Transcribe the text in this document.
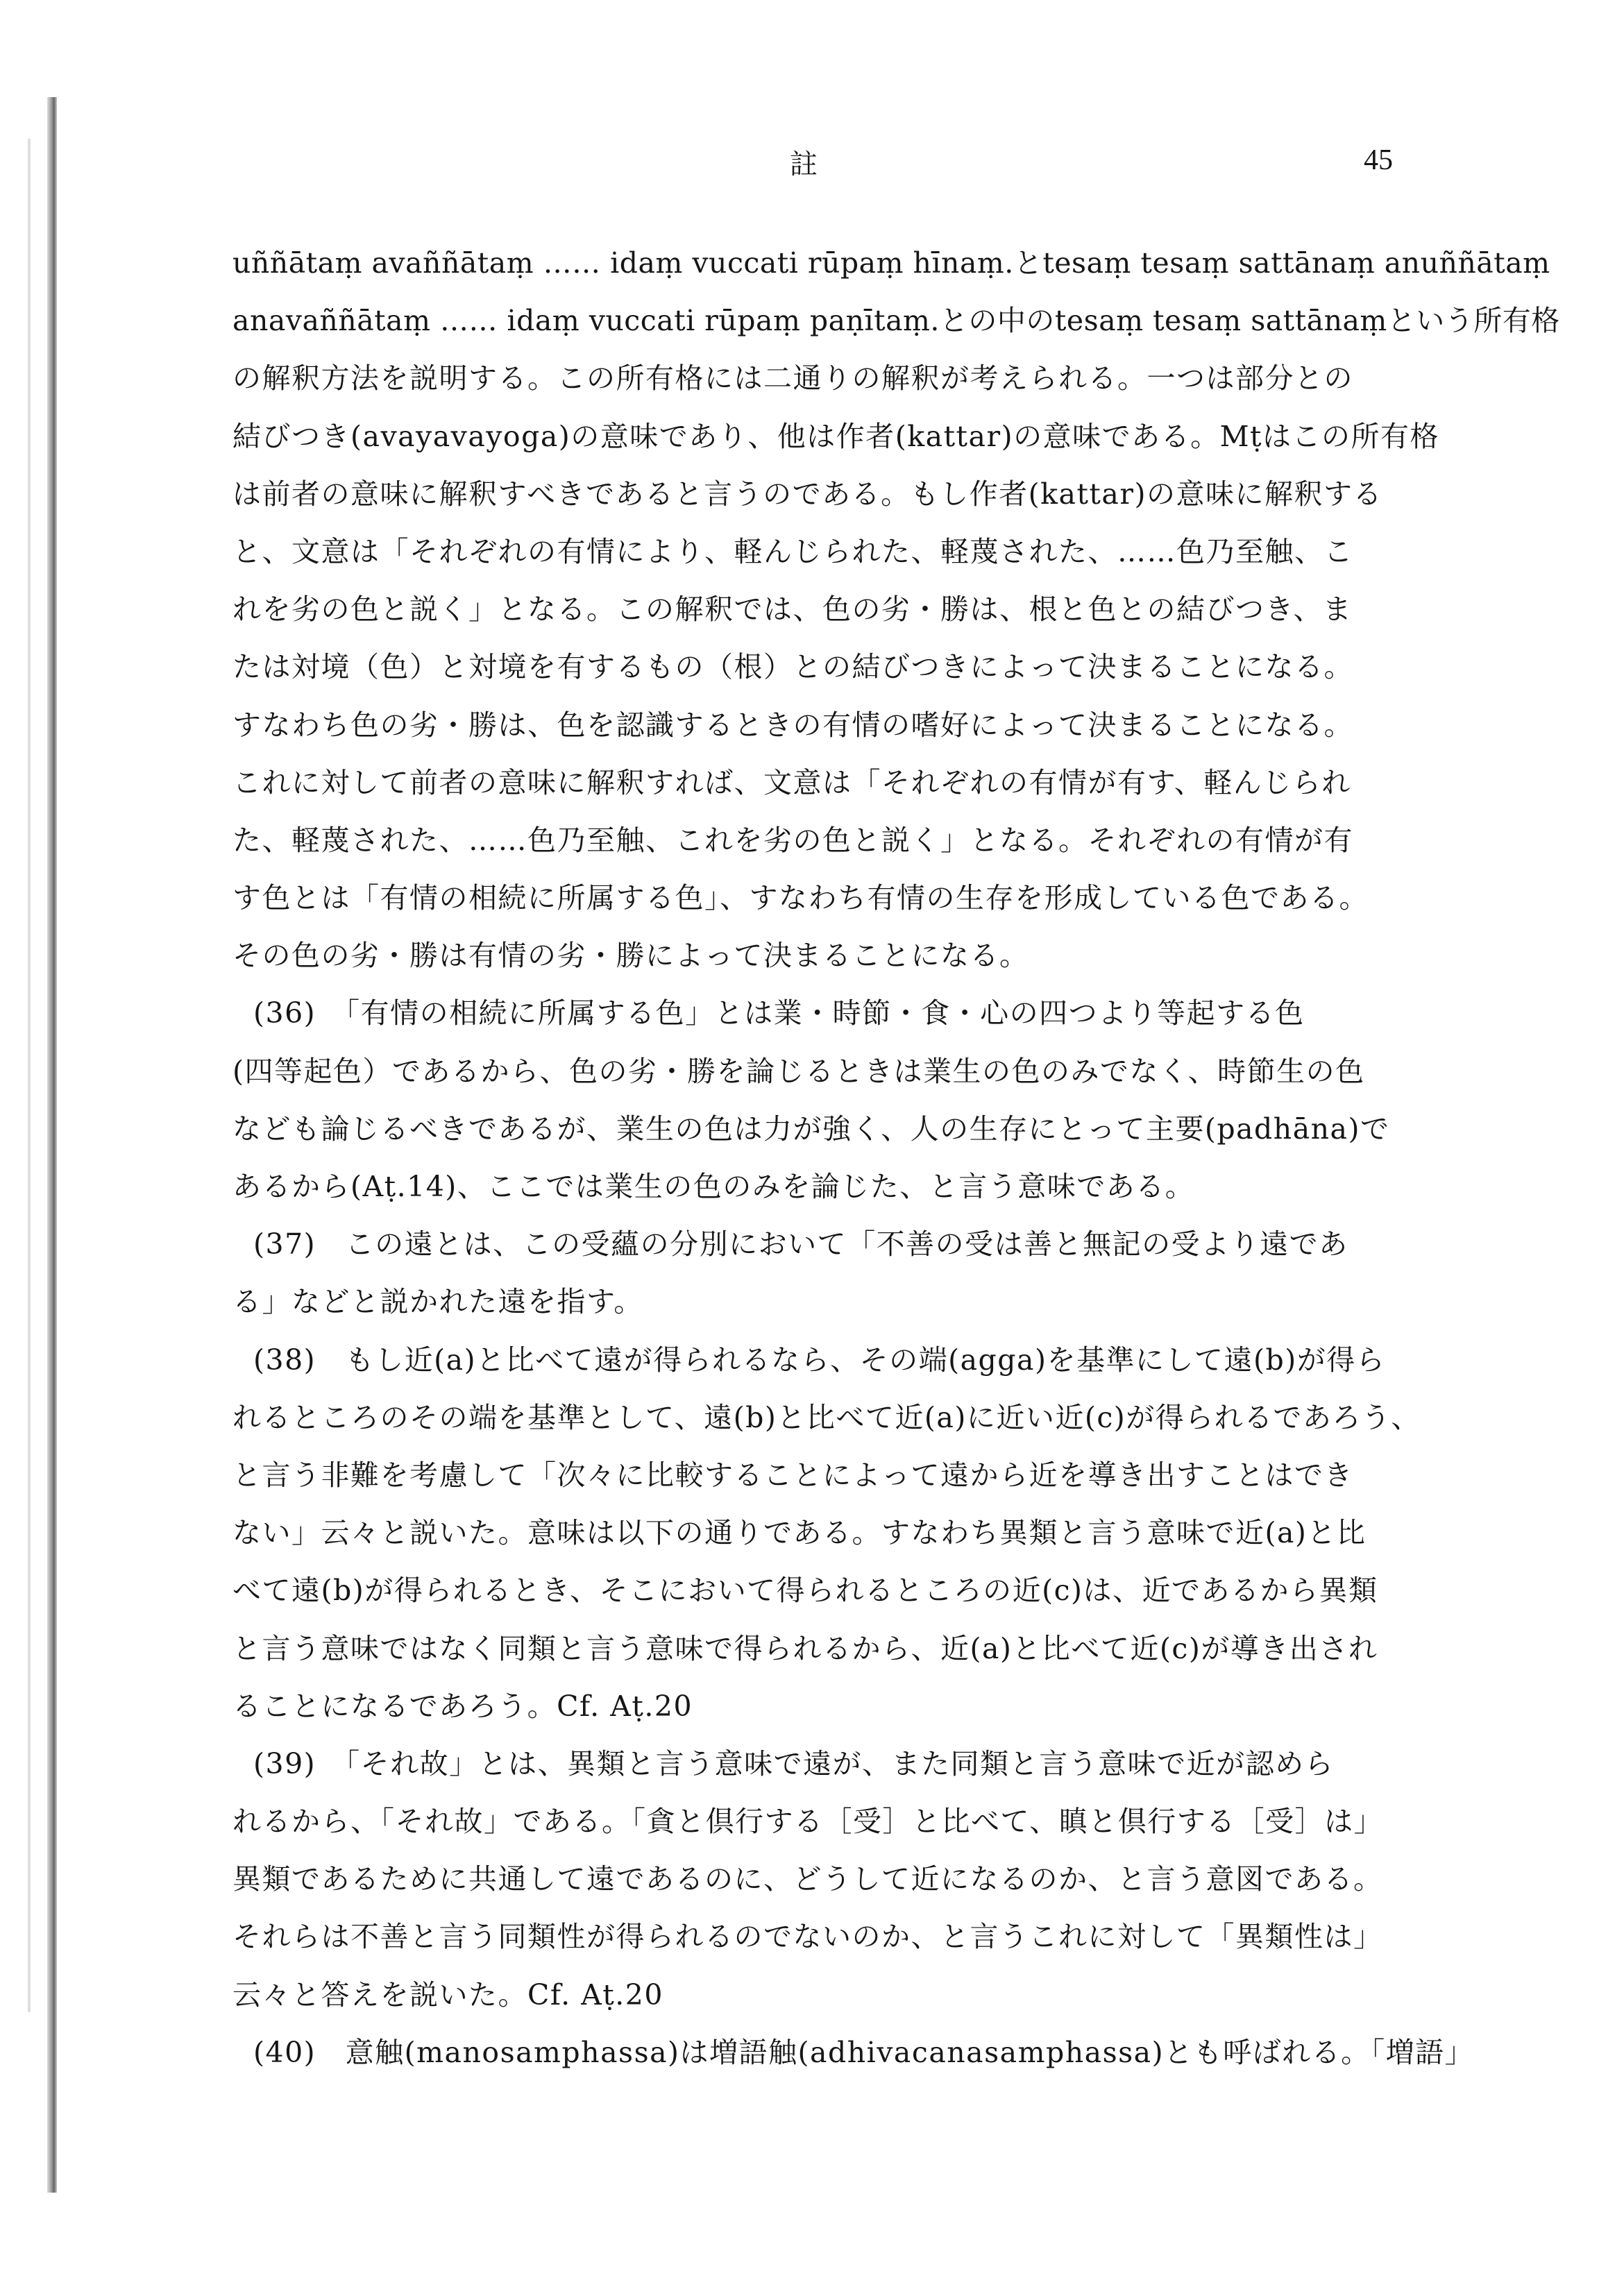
註	45
uññātaṃ avaññātaṃ …… idaṃ vuccati rūpaṃ hīnaṃ.とtesaṃ tesaṃ sattānaṃ anuññātaṃ
anavaññātaṃ …… idaṃ vuccati rūpaṃ paṇītaṃ.との中のtesaṃ tesaṃ sattānaṃという所有格
の解釈方法を説明する。この所有格には二通りの解釈が考えられる。一つは部分との
結びつき(avayavayoga)の意味であり、他は作者(kattar)の意味である。Mṭはこの所有格
は前者の意味に解釈すべきであると言うのである。もし作者(kattar)の意味に解釈する
と、文意は「それぞれの有情により、軽んじられた、軽蔑された、……色乃至触、こ
れを劣の色と説く」となる。この解釈では、色の劣・勝は、根と色との結びつき、ま
たは対境（色）と対境を有するもの（根）との結びつきによって決まることになる。
すなわち色の劣・勝は、色を認識するときの有情の嗜好によって決まることになる。
これに対して前者の意味に解釈すれば、文意は「それぞれの有情が有す、軽んじられ
た、軽蔑された、……色乃至触、これを劣の色と説く」となる。それぞれの有情が有
す色とは「有情の相続に所属する色」、すなわち有情の生存を形成している色である。
その色の劣・勝は有情の劣・勝によって決まることになる。
(36)　「有情の相続に所属する色」とは業・時節・食・心の四つより等起する色
(四等起色）であるから、色の劣・勝を論じるときは業生の色のみでなく、時節生の色
なども論じるべきであるが、業生の色は力が強く、人の生存にとって主要(padhāna)で
あるから(Aṭ.14)、ここでは業生の色のみを論じた、と言う意味である。
(37)　この遠とは、この受蘊の分別において「不善の受は善と無記の受より遠であ
る」などと説かれた遠を指す。
(38)　もし近(a)と比べて遠が得られるなら、その端(agga)を基準にして遠(b)が得ら
れるところのその端を基準として、遠(b)と比べて近(a)に近い近(c)が得られるであろう、
と言う非難を考慮して「次々に比較することによって遠から近を導き出すことはでき
ない」云々と説いた。意味は以下の通りである。すなわち異類と言う意味で近(a)と比
べて遠(b)が得られるとき、そこにおいて得られるところの近(c)は、近であるから異類
と言う意味ではなく同類と言う意味で得られるから、近(a)と比べて近(c)が導き出され
ることになるであろう。Cf. Aṭ.20
(39)　「それ故」とは、異類と言う意味で遠が、また同類と言う意味で近が認めら
れるから、「それ故」である。「貪と倶行する［受］と比べて、瞋と倶行する［受］は」
異類であるために共通して遠であるのに、どうして近になるのか、と言う意図である。
それらは不善と言う同類性が得られるのでないのか、と言うこれに対して「異類性は」
云々と答えを説いた。Cf. Aṭ.20
(40)　意触(manosamphassa)は増語触(adhivacanasamphassa)とも呼ばれる。「増語」
